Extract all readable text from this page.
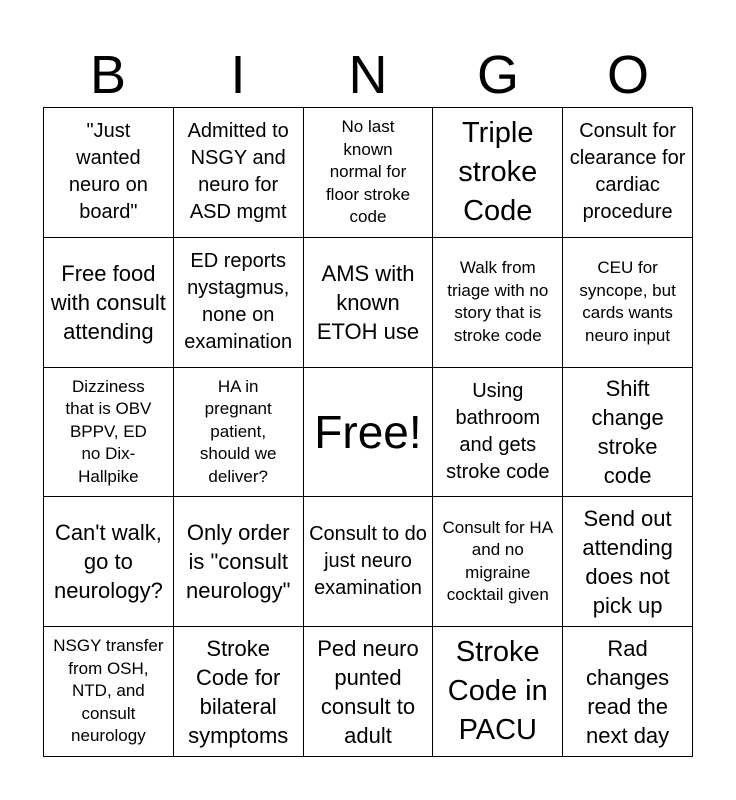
B	I	N	G	O
"Just wanted neuro on board"
Admitted to NSGY and neuro for ASD mgmt
No last known normal for floor stroke code
Triple stroke Code
Consult for clearance for cardiac procedure
Free food with consult attending
ED reports nystagmus, none on examination
AMS with known ETOH use
Walk from triage with no story that is stroke code
CEU for syncope, but cards wants neuro input
Dizziness that is OBV BPPV, ED no Dix-Hallpike
HA in pregnant patient, should we deliver?
Free!
Using bathroom and gets stroke code
Shift change stroke code
Can't walk, go to neurology?
Only order is "consult neurology"
Consult to do just neuro examination
Consult for HA and no migraine cocktail given
Send out attending does not pick up
NSGY transfer from OSH, NTD, and consult neurology
Stroke Code for bilateral symptoms
Ped neuro punted consult to adult
Stroke Code in PACU
Rad changes read the next day
